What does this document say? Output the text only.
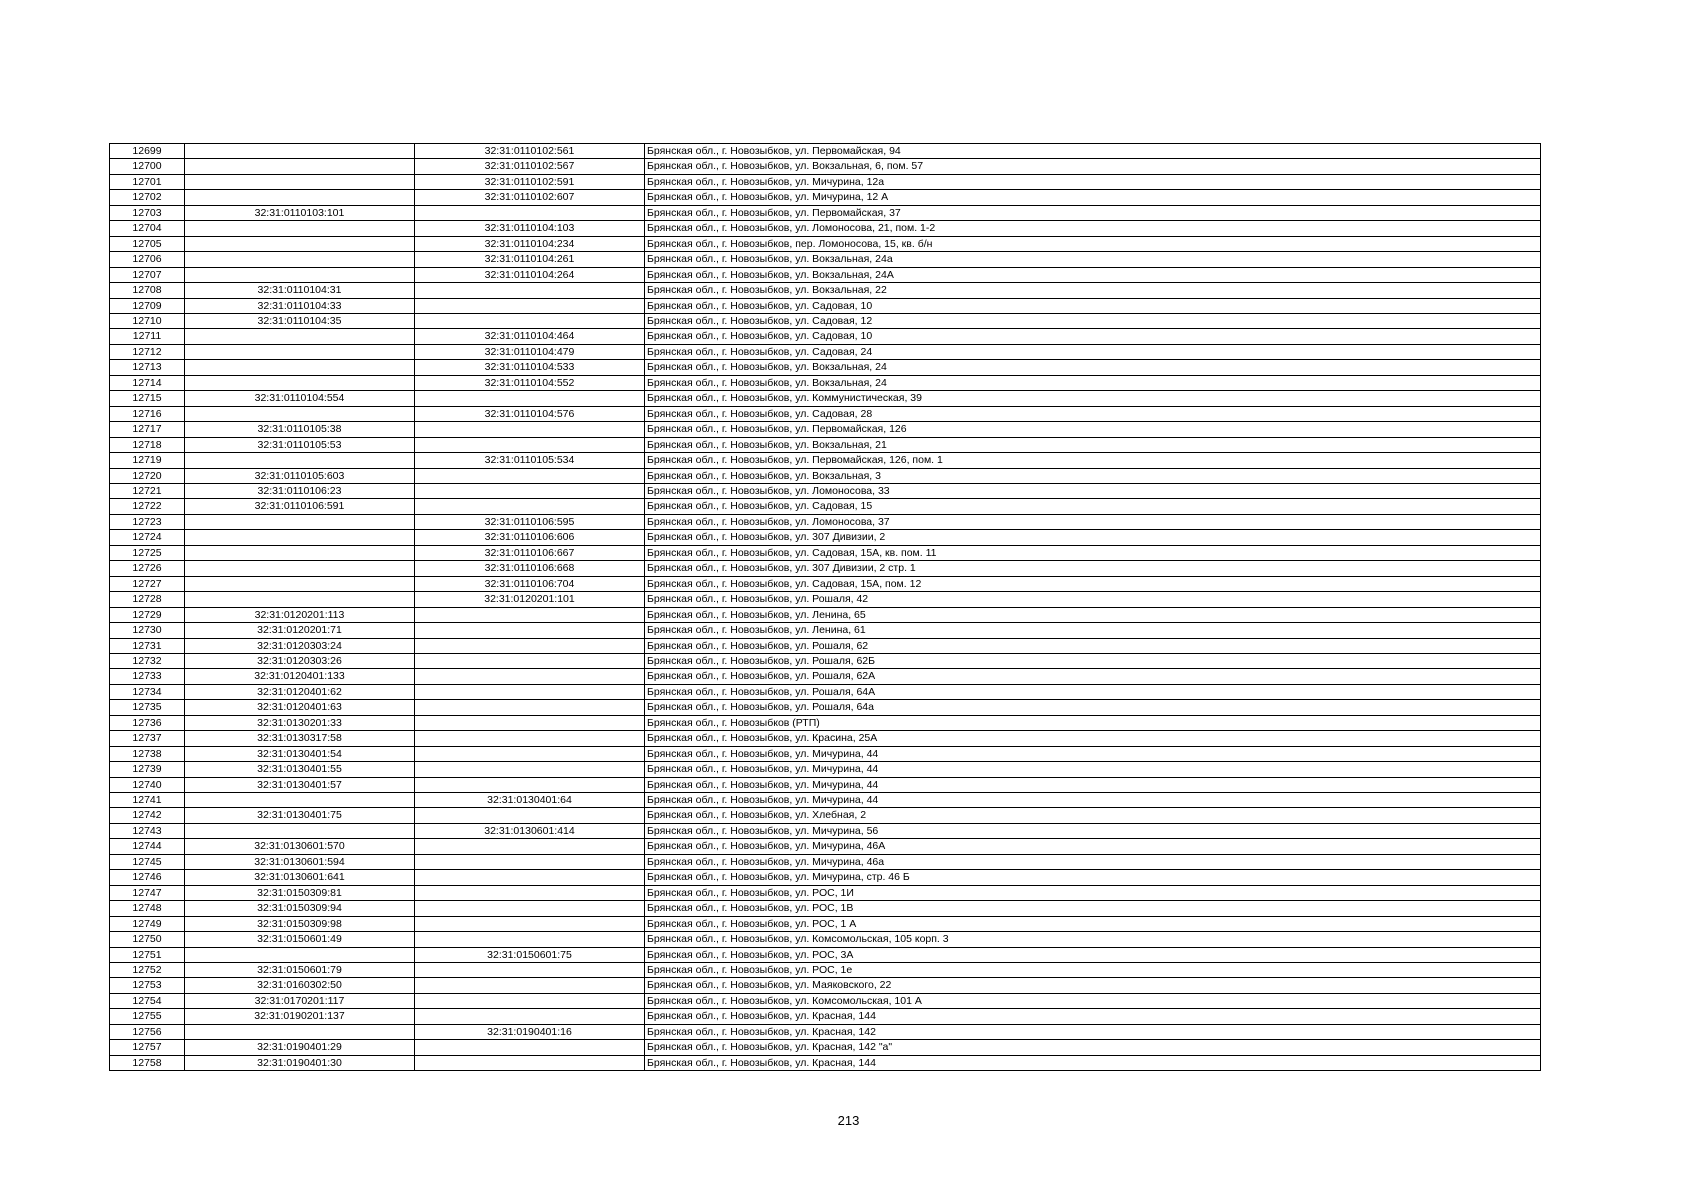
12699		32:31:0110102:561	Брянская обл., г. Новозыбков, ул. Первомайская, 94
12700		32:31:0110102:567	Брянская обл., г. Новозыбков, ул. Вокзальная, 6, пом. 57
12701		32:31:0110102:591	Брянская обл., г. Новозыбков, ул. Мичурина, 12а
12702		32:31:0110102:607	Брянская обл., г. Новозыбков, ул. Мичурина, 12 А
12703	32:31:0110103:101		Брянская обл., г. Новозыбков, ул. Первомайская, 37
12704		32:31:0110104:103	Брянская обл., г. Новозыбков, ул. Ломоносова, 21, пом. 1-2
12705		32:31:0110104:234	Брянская обл., г. Новозыбков, пер. Ломоносова, 15, кв. б/н
12706		32:31:0110104:261	Брянская обл., г. Новозыбков, ул. Вокзальная, 24а
12707		32:31:0110104:264	Брянская обл., г. Новозыбков, ул. Вокзальная, 24А
12708	32:31:0110104:31		Брянская обл., г. Новозыбков, ул. Вокзальная, 22
12709	32:31:0110104:33		Брянская обл., г. Новозыбков, ул. Садовая, 10
12710	32:31:0110104:35		Брянская обл., г. Новозыбков, ул. Садовая, 12
12711		32:31:0110104:464	Брянская обл., г. Новозыбков, ул. Садовая, 10
12712		32:31:0110104:479	Брянская обл., г. Новозыбков, ул. Садовая, 24
12713		32:31:0110104:533	Брянская обл., г. Новозыбков, ул. Вокзальная, 24
12714		32:31:0110104:552	Брянская обл., г. Новозыбков, ул. Вокзальная, 24
12715	32:31:0110104:554		Брянская обл., г. Новозыбков, ул. Коммунистическая, 39
12716		32:31:0110104:576	Брянская обл., г. Новозыбков, ул. Садовая, 28
12717	32:31:0110105:38		Брянская обл., г. Новозыбков, ул. Первомайская, 126
12718	32:31:0110105:53		Брянская обл., г. Новозыбков, ул. Вокзальная, 21
12719		32:31:0110105:534	Брянская обл., г. Новозыбков, ул. Первомайская, 126, пом. 1
12720	32:31:0110105:603		Брянская обл., г. Новозыбков, ул. Вокзальная, 3
12721	32:31:0110106:23		Брянская обл., г. Новозыбков, ул. Ломоносова, 33
12722	32:31:0110106:591		Брянская обл., г. Новозыбков, ул. Садовая, 15
12723		32:31:0110106:595	Брянская обл., г. Новозыбков, ул. Ломоносова, 37
12724		32:31:0110106:606	Брянская обл., г. Новозыбков, ул. 307 Дивизии, 2
12725		32:31:0110106:667	Брянская обл., г. Новозыбков, ул. Садовая, 15А, кв. пом. 11
12726		32:31:0110106:668	Брянская обл., г. Новозыбков, ул. 307 Дивизии, 2 стр. 1
12727		32:31:0110106:704	Брянская обл., г. Новозыбков, ул. Садовая, 15А, пом. 12
12728		32:31:0120201:101	Брянская обл., г. Новозыбков, ул. Рошаля, 42
12729	32:31:0120201:113		Брянская обл., г. Новозыбков, ул. Ленина, 65
12730	32:31:0120201:71		Брянская обл., г. Новозыбков, ул. Ленина, 61
12731	32:31:0120303:24		Брянская обл., г. Новозыбков, ул. Рошаля, 62
12732	32:31:0120303:26		Брянская обл., г. Новозыбков, ул. Рошаля, 62Б
12733	32:31:0120401:133		Брянская обл., г. Новозыбков, ул. Рошаля, 62А
12734	32:31:0120401:62		Брянская обл., г. Новозыбков, ул. Рошаля, 64А
12735	32:31:0120401:63		Брянская обл., г. Новозыбков, ул. Рошаля, 64а
12736	32:31:0130201:33		Брянская обл., г. Новозыбков (РТП)
12737	32:31:0130317:58		Брянская обл., г. Новозыбков, ул. Красина, 25А
12738	32:31:0130401:54		Брянская обл., г. Новозыбков, ул. Мичурина, 44
12739	32:31:0130401:55		Брянская обл., г. Новозыбков, ул. Мичурина, 44
12740	32:31:0130401:57		Брянская обл., г. Новозыбков, ул. Мичурина, 44
12741		32:31:0130401:64	Брянская обл., г. Новозыбков, ул. Мичурина, 44
12742	32:31:0130401:75		Брянская обл., г. Новозыбков, ул. Хлебная, 2
12743		32:31:0130601:414	Брянская обл., г. Новозыбков, ул. Мичурина, 56
12744	32:31:0130601:570		Брянская обл., г. Новозыбков, ул. Мичурина, 46А
12745	32:31:0130601:594		Брянская обл., г. Новозыбков, ул. Мичурина, 46а
12746	32:31:0130601:641		Брянская обл., г. Новозыбков, ул. Мичурина, стр. 46 Б
12747	32:31:0150309:81		Брянская обл., г. Новозыбков, ул. РОС, 1И
12748	32:31:0150309:94		Брянская обл., г. Новозыбков, ул. РОС, 1В
12749	32:31:0150309:98		Брянская обл., г. Новозыбков, ул. РОС, 1 А
12750	32:31:0150601:49		Брянская обл., г. Новозыбков, ул. Комсомольская, 105 корп. 3
12751		32:31:0150601:75	Брянская обл., г. Новозыбков, ул. РОС, 3А
12752	32:31:0150601:79		Брянская обл., г. Новозыбков, ул. РОС, 1е
12753	32:31:0160302:50		Брянская обл., г. Новозыбков, ул. Маяковского, 22
12754	32:31:0170201:117		Брянская обл., г. Новозыбков, ул. Комсомольская, 101 А
12755	32:31:0190201:137		Брянская обл., г. Новозыбков, ул. Красная, 144
12756		32:31:0190401:16	Брянская обл., г. Новозыбков, ул. Красная, 142
12757	32:31:0190401:29		Брянская обл., г. Новозыбков, ул. Красная, 142 "а"
12758	32:31:0190401:30		Брянская обл., г. Новозыбков, ул. Красная, 144
213
